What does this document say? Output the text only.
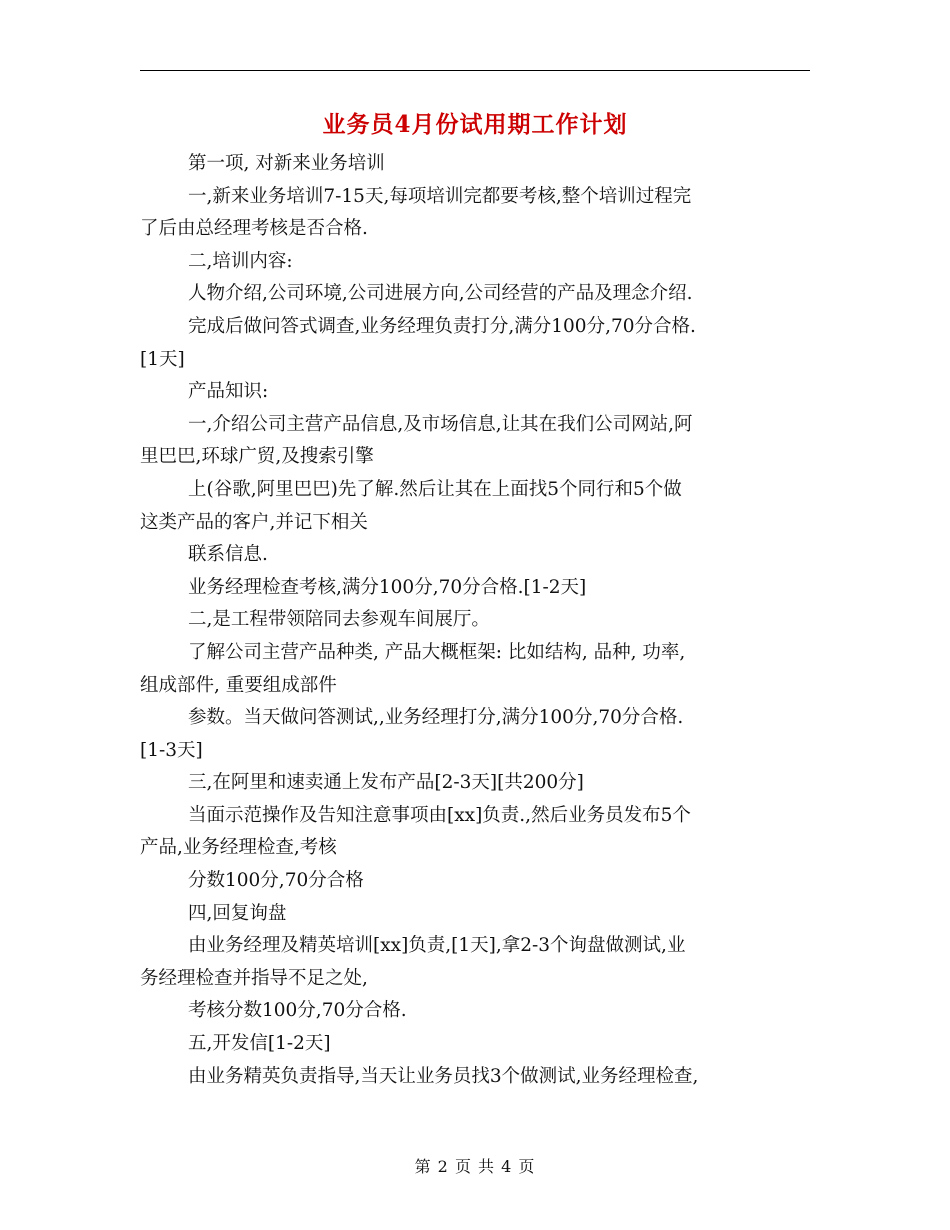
业务员4月份试用期工作计划

第一项, 对新来业务培训

一,新来业务培训7-15天,每项培训完都要考核,整个培训过程完

了后由总经理考核是否合格.

二,培训内容:

人物介绍,公司环境,公司进展方向,公司经营的产品及理念介绍.

完成后做问答式调查,业务经理负责打分,满分100分,70分合格.

[1天]

产品知识:

一,介绍公司主营产品信息,及市场信息,让其在我们公司网站,阿

里巴巴,环球广贸,及搜索引擎

上(谷歌,阿里巴巴)先了解.然后让其在上面找5个同行和5个做

这类产品的客户,并记下相关

联系信息.

业务经理检查考核,满分100分,70分合格.[1-2天]

二,是工程带领陪同去参观车间展厅。

了解公司主营产品种类, 产品大概框架: 比如结构, 品种, 功率,

组成部件, 重要组成部件

参数。当天做问答测试,,业务经理打分,满分100分,70分合格.

[1-3天]

三,在阿里和速卖通上发布产品[2-3天][共200分]

当面示范操作及告知注意事项由[xx]负责.,然后业务员发布5个

产品,业务经理检查,考核

分数100分,70分合格

四,回复询盘

由业务经理及精英培训[xx]负责,[1天],拿2-3个询盘做测试,业

务经理检查并指导不足之处,

考核分数100分,70分合格.

五,开发信[1-2天]

由业务精英负责指导,当天让业务员找3个做测试,业务经理检查,

第 2 页 共 4 页
